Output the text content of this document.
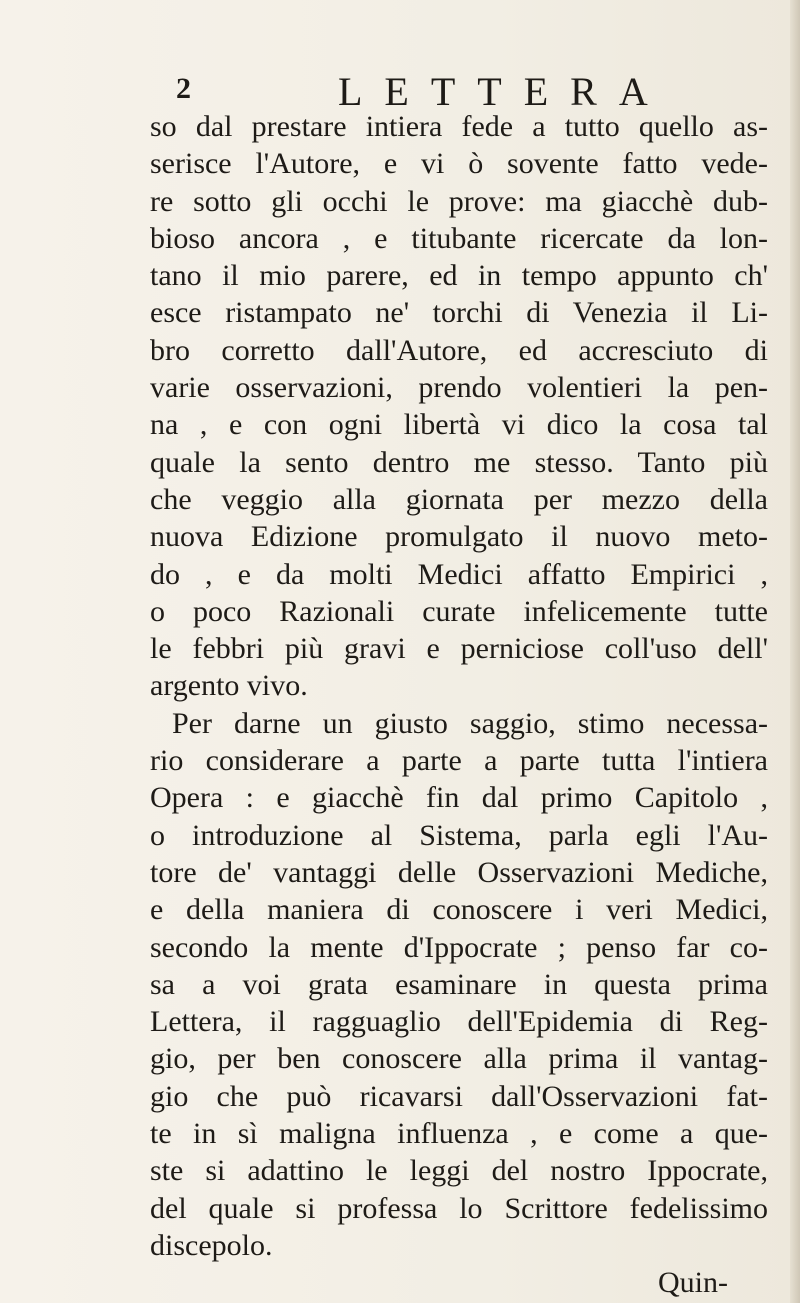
2	LETTERA
so dal prestare intiera fede a tutto quello as-
serisce l'Autore, e vi ò sovente fatto vede-
re sotto gli occhi le prove: ma giacchè dub-
bioso ancora , e titubante ricercate da lon-
tano il mio parere, ed in tempo appunto ch'
esce ristampato ne' torchi di Venezia il Li-
bro corretto dall'Autore, ed accresciuto di
varie osservazioni, prendo volentieri la pen-
na , e con ogni libertà vi dico la cosa tal
quale la sento dentro me stesso. Tanto più
che veggio alla giornata per mezzo della
nuova Edizione promulgato il nuovo meto-
do , e da molti Medici affatto Empirici ,
o poco Razionali curate infelicemente tutte
le febbri più gravi e perniciose coll'uso dell'
argento vivo.
Per darne un giusto saggio, stimo necessa-
rio considerare a parte a parte tutta l'intiera
Opera : e giacchè fin dal primo Capitolo ,
o introduzione al Sistema, parla egli l'Au-
tore de' vantaggi delle Osservazioni Mediche,
e della maniera di conoscere i veri Medici,
secondo la mente d'Ippocrate ; penso far co-
sa a voi grata esaminare in questa prima
Lettera, il ragguaglio dell'Epidemia di Reg-
gio, per ben conoscere alla prima il vantag-
gio che può ricavarsi dall'Osservazioni fat-
te in sì maligna influenza , e come a que-
ste si adattino le leggi del nostro Ippocrate,
del quale si professa lo Scrittore fedelissimo
discepolo.
Quin-
